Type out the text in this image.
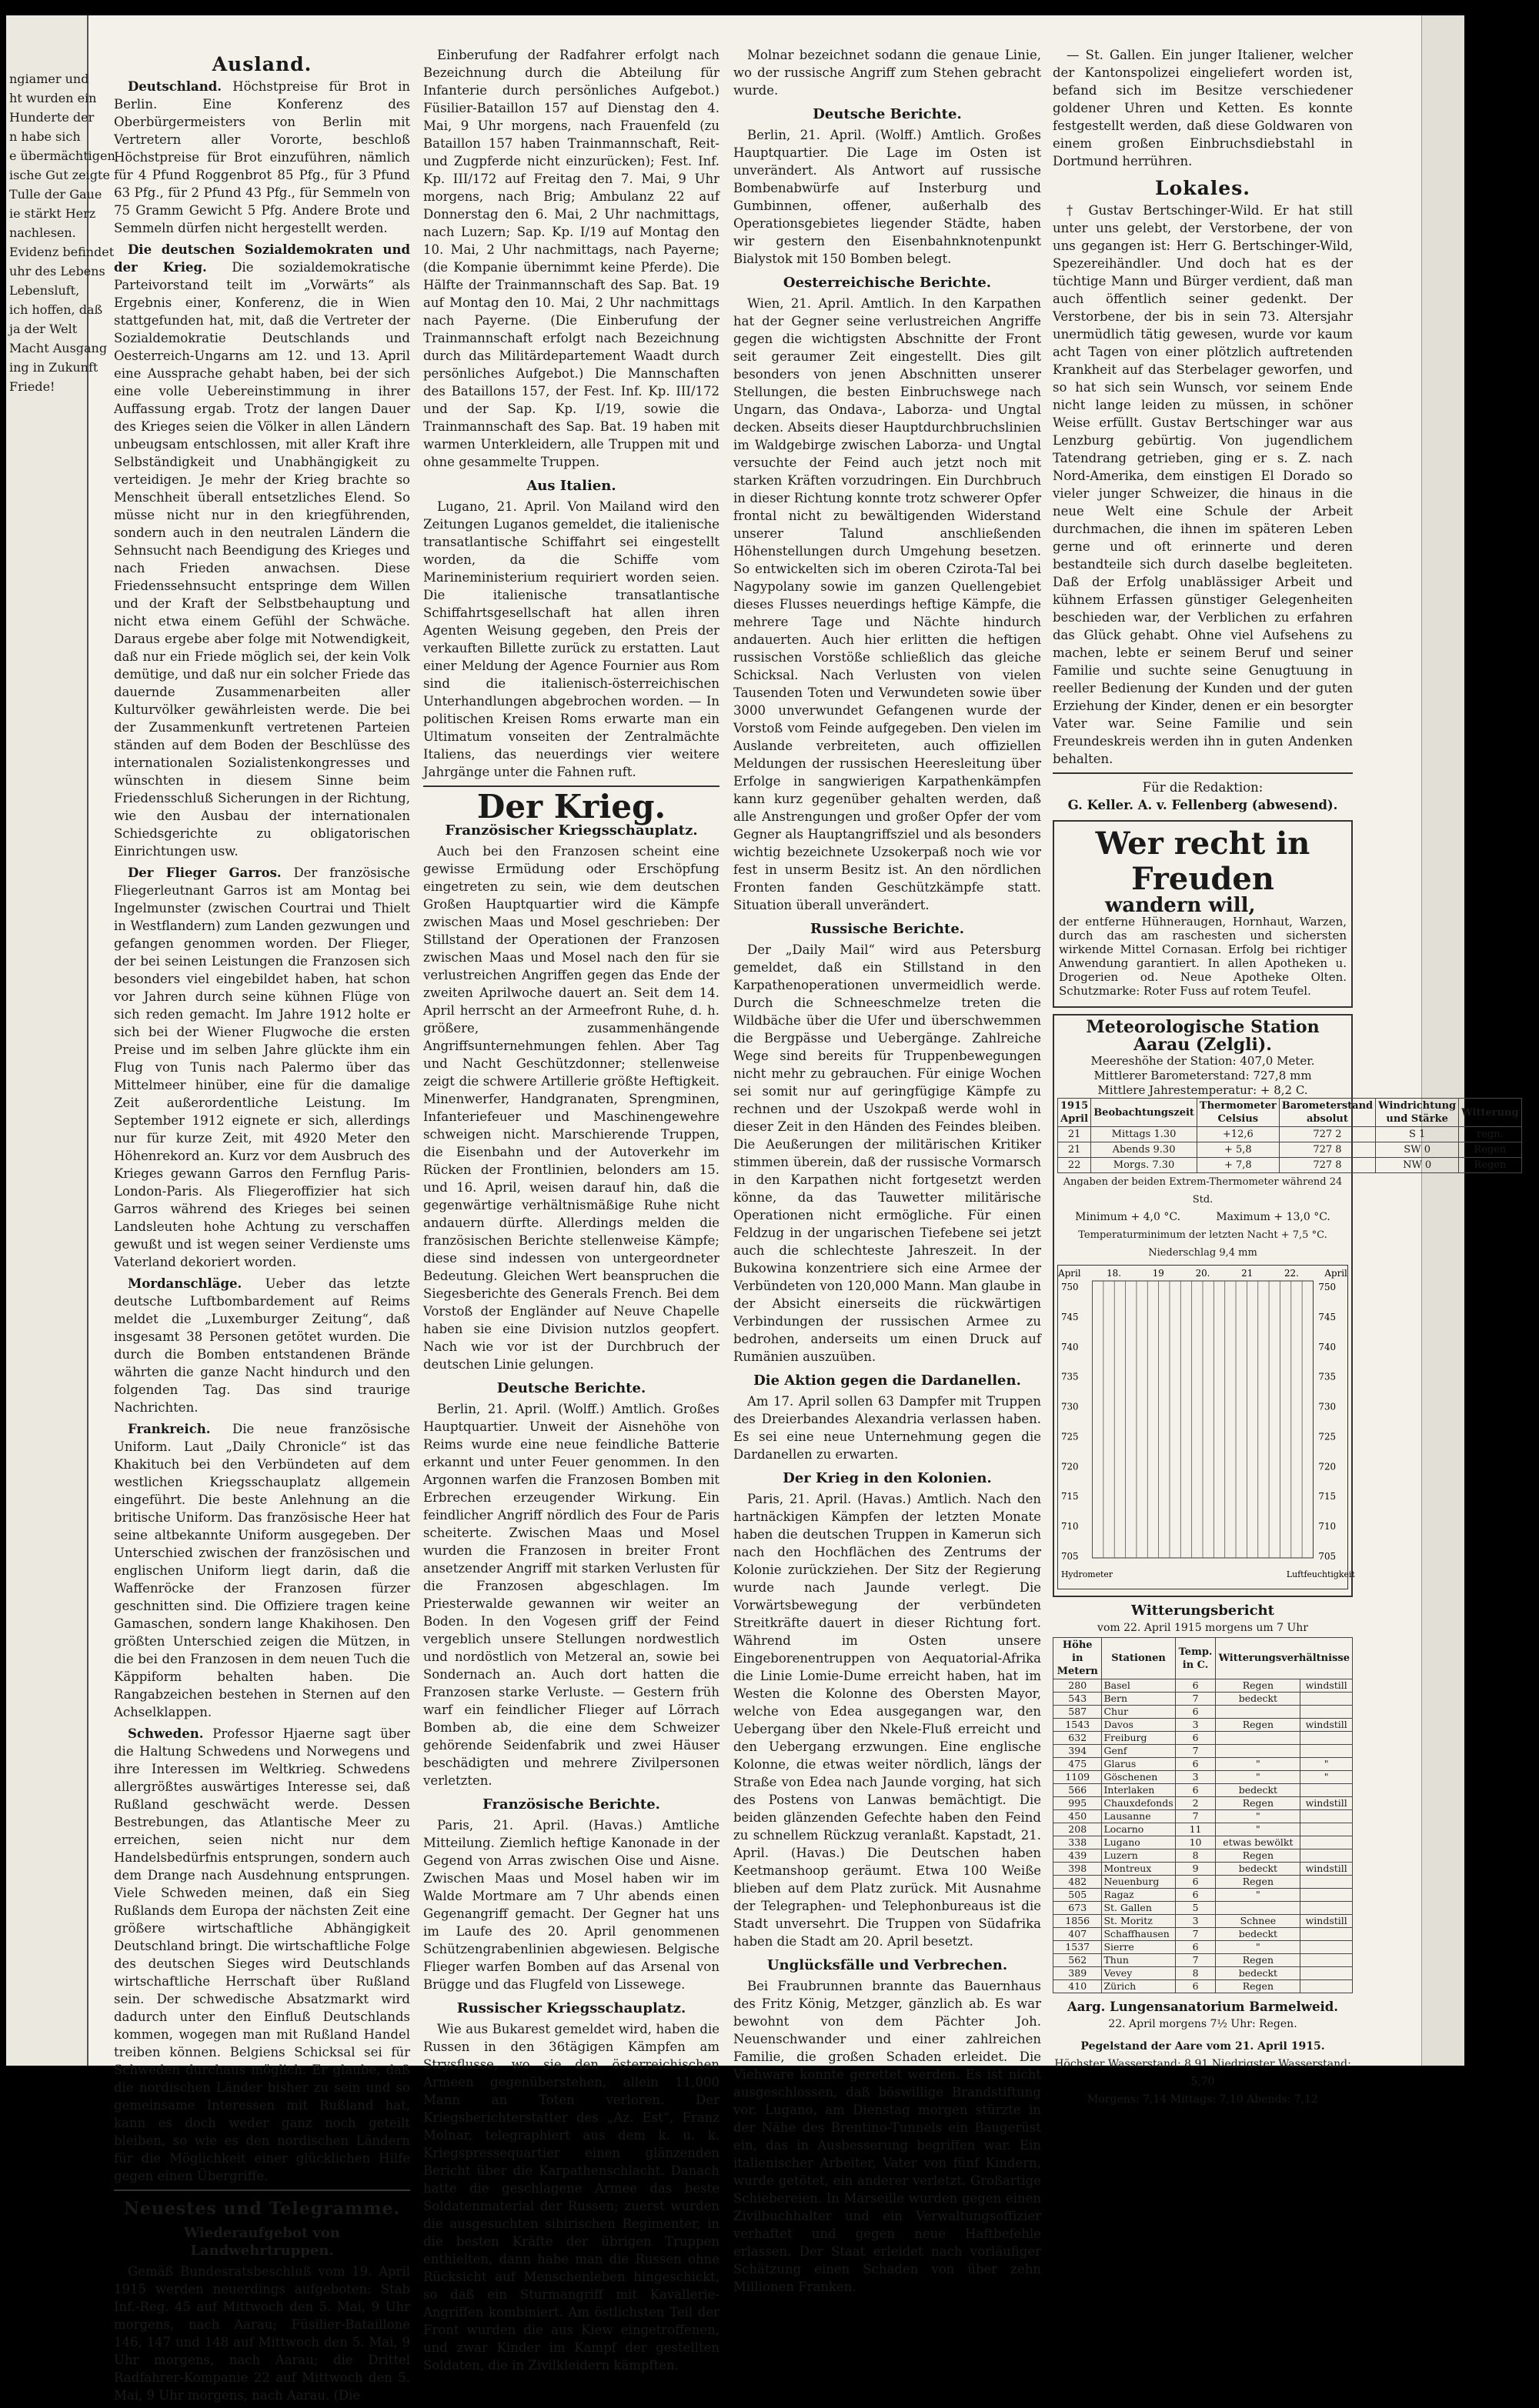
ngiamer und
ht wurden ein
Hunderte der
n habe sich
e übermächtigen
ische Gut zeigte
Tulle der Gaue
ie stärkt Herz
nachlesen.
Evidenz befindet
uhr des Lebens
Lebensluft,
ich hoffen, daß
ja der Welt
Macht Ausgang
ing in Zukunft
Friede!
Ausland.

Deutschland. Höchstpreise für Brot in Berlin. Eine Konferenz des Oberbürgermeisters von Berlin mit Vertretern aller Vororte, beschloß Höchstpreise für Brot einzuführen, nämlich für 4 Pfund Roggenbrot 85 Pfg., für 3 Pfund 63 Pfg., für 2 Pfund 43 Pfg., für Semmeln von 75 Gramm Gewicht 5 Pfg. Andere Brote und Semmeln dürfen nicht hergestellt werden.

Die deutschen Sozialdemokraten und der Krieg. Die sozialdemokratische Parteivorstand teilt im „Vorwärts“ als Ergebnis einer, Konferenz, die in Wien stattgefunden hat, mit, daß die Vertreter der Sozialdemokratie Deutschlands und Oesterreich-Ungarns am 12. und 13. April eine Aussprache gehabt haben, bei der sich eine volle Uebereinstimmung in ihrer Auffassung ergab. Trotz der langen Dauer des Krieges seien die Völker in allen Ländern unbeugsam entschlossen, mit aller Kraft ihre Selbständigkeit und Unabhängigkeit zu verteidigen. Je mehr der Krieg brachte so Menschheit überall entsetzliches Elend. So müsse nicht nur in den kriegführenden, sondern auch in den neutralen Ländern die Sehnsucht nach Beendigung des Krieges und nach Frieden anwachsen. Diese Friedenssehnsucht entspringe dem Willen und der Kraft der Selbstbehauptung und nicht etwa einem Gefühl der Schwäche. Daraus ergebe aber folge mit Notwendigkeit, daß nur ein Friede möglich sei, der kein Volk demütige, und daß nur ein solcher Friede das dauernde Zusammenarbeiten aller Kulturvölker gewährleisten werde. Die bei der Zusammenkunft vertretenen Parteien ständen auf dem Boden der Beschlüsse des internationalen Sozialistenkongresses und wünschten in diesem Sinne beim Friedensschluß Sicherungen in der Richtung, wie den Ausbau der internationalen Schiedsgerichte zu obligatorischen Einrichtungen usw.

Der Flieger Garros. Der französische Fliegerleutnant Garros ist am Montag bei Ingelmunster (zwischen Courtrai und Thielt in Westflandern) zum Landen gezwungen und gefangen genommen worden. Der Flieger, der bei seinen Leistungen die Franzosen sich besonders viel eingebildet haben, hat schon vor Jahren durch seine kühnen Flüge von sich reden gemacht. Im Jahre 1912 holte er sich bei der Wiener Flugwoche die ersten Preise und im selben Jahre glückte ihm ein Flug von Tunis nach Palermo über das Mittelmeer hinüber, eine für die damalige Zeit außerordentliche Leistung. Im September 1912 eignete er sich, allerdings nur für kurze Zeit, mit 4920 Meter den Höhenrekord an. Kurz vor dem Ausbruch des Krieges gewann Garros den Fernflug Paris-London-Paris. Als Fliegeroffizier hat sich Garros während des Krieges bei seinen Landsleuten hohe Achtung zu verschaffen gewußt und ist wegen seiner Verdienste ums Vaterland dekoriert worden.

Mordanschläge. Ueber das letzte deutsche Luftbombardement auf Reims meldet die „Luxemburger Zeitung“, daß insgesamt 38 Personen getötet wurden. Die durch die Bomben entstandenen Brände währten die ganze Nacht hindurch und den folgenden Tag. Das sind traurige Nachrichten.

Frankreich. Die neue französische Uniform. Laut „Daily Chronicle“ ist das Khakituch bei den Verbündeten auf dem westlichen Kriegsschauplatz allgemein eingeführt. Die beste Anlehnung an die britische Uniform. Das französische Heer hat seine altbekannte Uniform ausgegeben. Der Unterschied zwischen der französischen und englischen Uniform liegt darin, daß die Waffenröcke der Franzosen fürzer geschnitten sind. Die Offiziere tragen keine Gamaschen, sondern lange Khakihosen. Den größten Unterschied zeigen die Mützen, in die bei den Franzosen in dem neuen Tuch die Käppiform behalten haben. Die Rangabzeichen bestehen in Sternen auf den Achselklappen.

Schweden. Professor Hjaerne sagt über die Haltung Schwedens und Norwegens und ihre Interessen im Weltkrieg. Schwedens allergrößtes auswärtiges Interesse sei, daß Rußland geschwächt werde. Dessen Bestrebungen, das Atlantische Meer zu erreichen, seien nicht nur dem Handelsbedürfnis entsprungen, sondern auch dem Drange nach Ausdehnung entsprungen. Viele Schweden meinen, daß ein Sieg Rußlands dem Europa der nächsten Zeit eine größere wirtschaftliche Abhängigkeit Deutschland bringt. Die wirtschaftliche Folge des deutschen Sieges wird Deutschlands wirtschaftliche Herrschaft über Rußland sein. Der schwedische Absatzmarkt wird dadurch unter den Einfluß Deutschlands kommen, wogegen man mit Rußland Handel treiben können. Belgiens Schicksal sei für Schweden durchaus möglich. Er glaube, daß die nordischen Länder bisher zu sein und so gemeinsame Interessen mit Rußland hat, kann es doch weder ganz noch geteilt bleiben, so wie es den nordischen Ländern für die Möglichkeit einer glücklichen Hilfe gegen einen Übergriffe.

Neuestes und Telegramme.
Wiederaufgebot von Landwehrtruppen.

Gemäß Bundesratsbeschluß vom 19. April 1915 werden neuerdings aufgeboten: Stab Inf.-Reg. 45 auf Mittwoch den 5. Mai, 9 Uhr morgens, nach Aarau; Füsilier-Bataillone 146, 147 und 148 auf Mittwoch den 5. Mai, 9 Uhr morgens, nach Aarau; die Drittel Radfahrer-Kompanie 22 auf Mittwoch den 5. Mai, 9 Uhr morgens, nach Aarau. (Die

Einberufung der Radfahrer erfolgt nach Bezeichnung durch die Abteilung für Infanterie durch persönliches Aufgebot.) Füsilier-Bataillon 157 auf Dienstag den 4. Mai, 9 Uhr morgens, nach Frauenfeld (zu Bataillon 157 haben Trainmannschaft, Reit- und Zugpferde nicht einzurücken); Fest. Inf. Kp. III/172 auf Freitag den 7. Mai, 9 Uhr morgens, nach Brig; Ambulanz 22 auf Donnerstag den 6. Mai, 2 Uhr nachmittags, nach Luzern; Sap. Kp. I/19 auf Montag den 10. Mai, 2 Uhr nachmittags, nach Payerne; (die Kompanie übernimmt keine Pferde). Die Hälfte der Trainmannschaft des Sap. Bat. 19 auf Montag den 10. Mai, 2 Uhr nachmittags nach Payerne. (Die Einberufung der Trainmannschaft erfolgt nach Bezeichnung durch das Militärdepartement Waadt durch persönliches Aufgebot.) Die Mannschaften des Bataillons 157, der Fest. Inf. Kp. III/172 und der Sap. Kp. I/19, sowie die Trainmannschaft des Sap. Bat. 19 haben mit warmen Unterkleidern, alle Truppen mit und ohne gesammelte Truppen.

Aus Italien.

Lugano, 21. April. Von Mailand wird den Zeitungen Luganos gemeldet, die italienische transatlantische Schiffahrt sei eingestellt worden, da die Schiffe vom Marineministerium requiriert worden seien. Die italienische transatlantische Schiffahrtsgesellschaft hat allen ihren Agenten Weisung gegeben, den Preis der verkauften Billette zurück zu erstatten. Laut einer Meldung der Agence Fournier aus Rom sind die italienisch-österreichischen Unterhandlungen abgebrochen worden. — In politischen Kreisen Roms erwarte man ein Ultimatum vonseiten der Zentralmächte Italiens, das neuerdings vier weitere Jahrgänge unter die Fahnen ruft.

Der Krieg.
Französischer Kriegsschauplatz.

Auch bei den Franzosen scheint eine gewisse Ermüdung oder Erschöpfung eingetreten zu sein, wie dem deutschen Großen Hauptquartier wird die Kämpfe zwischen Maas und Mosel geschrieben: Der Stillstand der Operationen der Franzosen zwischen Maas und Mosel nach den für sie verlustreichen Angriffen gegen das Ende der zweiten Aprilwoche dauert an. Seit dem 14. April herrscht an der Armeefront Ruhe, d. h. größere, zusammenhängende Angriffsunternehmungen fehlen. Aber Tag und Nacht Geschützdonner; stellenweise zeigt die schwere Artillerie größte Heftigkeit. Minenwerfer, Handgranaten, Sprengminen, Infanteriefeuer und Maschinengewehre schweigen nicht. Marschierende Truppen, die Eisenbahn und der Autoverkehr im Rücken der Frontlinien, belonders am 15. und 16. April, weisen darauf hin, daß die gegenwärtige verhältnismäßige Ruhe nicht andauern dürfte. Allerdings melden die französischen Berichte stellenweise Kämpfe; diese sind indessen von untergeordneter Bedeutung. Gleichen Wert beanspruchen die Siegesberichte des Generals French. Bei dem Vorstoß der Engländer auf Neuve Chapelle haben sie eine Division nutzlos geopfert. Nach wie vor ist der Durchbruch der deutschen Linie gelungen.

Deutsche Berichte.

Berlin, 21. April. (Wolff.) Amtlich. Großes Hauptquartier. Unweit der Aisnehöhe von Reims wurde eine neue feindliche Batterie erkannt und unter Feuer genommen. In den Argonnen warfen die Franzosen Bomben mit Erbrechen erzeugender Wirkung. Ein feindlicher Angriff nördlich des Four de Paris scheiterte. Zwischen Maas und Mosel wurden die Franzosen in breiter Front ansetzender Angriff mit starken Verlusten für die Franzosen abgeschlagen. Im Priesterwalde gewannen wir weiter an Boden. In den Vogesen griff der Feind vergeblich unsere Stellungen nordwestlich und nordöstlich von Metzeral an, sowie bei Sondernach an. Auch dort hatten die Franzosen starke Verluste. — Gestern früh warf ein feindlicher Flieger auf Lörrach Bomben ab, die eine dem Schweizer gehörende Seidenfabrik und zwei Häuser beschädigten und mehrere Zivilpersonen verletzten.

Französische Berichte.

Paris, 21. April. (Havas.) Amtliche Mitteilung. Ziemlich heftige Kanonade in der Gegend von Arras zwischen Oise und Aisne. Zwischen Maas und Mosel haben wir im Walde Mortmare am 7 Uhr abends einen Gegenangriff gemacht. Der Gegner hat uns im Laufe des 20. April genommenen Schützengrabenlinien abgewiesen. Belgische Flieger warfen Bomben auf das Arsenal von Brügge und das Flugfeld von Lissewege.

Russischer Kriegsschauplatz.

Wie aus Bukarest gemeldet wird, haben die Russen in den 36tägigen Kämpfen am Strysflusse, wo sie den österreichischen Armeen gegenüberstehen, allein 11,000 Mann an Toten verloren. Der Kriegsberichterstatter des „Az. Est“, Franz Molnar, telegraphiert aus dem k. u. k. Kriegspressequartier einen glänzenden Bericht über die Karpathenschlacht. Danach hatte die geschlagene Armee das beste Soldatenmaterial der Russen; zuerst wurden die ausgesuchten sibirischen Regimenter, in die besten Kräfte der übrigen Truppen enthielten, dann habe man die Russen ohne Rücksicht auf Menschenleben hingeschickt, so daß ein Sturmangriff mit Kavallerie-Angriffen kombiniert. Am östlichsten Teil der Front wurden die aus Kiew eingetroffenen, und zwar Kinder im Kampf der gestellten Soldaten, die in Zivilkleidern kämpften.

Molnar bezeichnet sodann die genaue Linie, wo der russische Angriff zum Stehen gebracht wurde.

Deutsche Berichte.

Berlin, 21. April. (Wolff.) Amtlich. Großes Hauptquartier. Die Lage im Osten ist unverändert. Als Antwort auf russische Bombenabwürfe auf Insterburg und Gumbinnen, offener, außerhalb des Operationsgebietes liegender Städte, haben wir gestern den Eisenbahnknotenpunkt Bialystok mit 150 Bomben belegt.

Oesterreichische Berichte.

Wien, 21. April. Amtlich. In den Karpathen hat der Gegner seine verlustreichen Angriffe gegen die wichtigsten Abschnitte der Front seit geraumer Zeit eingestellt. Dies gilt besonders von jenen Abschnitten unserer Stellungen, die besten Einbruchswege nach Ungarn, das Ondava-, Laborza- und Ungtal decken. Abseits dieser Hauptdurchbruchslinien im Waldgebirge zwischen Laborza- und Ungtal versuchte der Feind auch jetzt noch mit starken Kräften vorzudringen. Ein Durchbruch in dieser Richtung konnte trotz schwerer Opfer frontal nicht zu bewältigenden Widerstand unserer Talund anschließenden Höhenstellungen durch Umgehung besetzen. So entwickelten sich im oberen Czirota-Tal bei Nagypolany sowie im ganzen Quellengebiet dieses Flusses neuerdings heftige Kämpfe, die mehrere Tage und Nächte hindurch andauerten. Auch hier erlitten die heftigen russischen Vorstöße schließlich das gleiche Schicksal. Nach Verlusten von vielen Tausenden Toten und Verwundeten sowie über 3000 unverwundet Gefangenen wurde der Vorstoß vom Feinde aufgegeben. Den vielen im Auslande verbreiteten, auch offiziellen Meldungen der russischen Heeresleitung über Erfolge in sangwierigen Karpathenkämpfen kann kurz gegenüber gehalten werden, daß alle Anstrengungen und großer Opfer der vom Gegner als Hauptangriffsziel und als besonders wichtig bezeichnete Uzsokerpaß noch wie vor fest in unserm Besitz ist. An den nördlichen Fronten fanden Geschützkämpfe statt. Situation überall unverändert.

Russische Berichte.

Der „Daily Mail“ wird aus Petersburg gemeldet, daß ein Stillstand in den Karpathenoperationen unvermeidlich werde. Durch die Schneeschmelze treten die Wildbäche über die Ufer und überschwemmen die Bergpässe und Uebergänge. Zahlreiche Wege sind bereits für Truppenbewegungen nicht mehr zu gebrauchen. Für einige Wochen sei somit nur auf geringfügige Kämpfe zu rechnen und der Uszokpaß werde wohl in dieser Zeit in den Händen des Feindes bleiben. Die Aeußerungen der militärischen Kritiker stimmen überein, daß der russische Vormarsch in den Karpathen nicht fortgesetzt werden könne, da das Tauwetter militärische Operationen nicht ermögliche. Für einen Feldzug in der ungarischen Tiefebene sei jetzt auch die schlechteste Jahreszeit. In der Bukowina konzentriere sich eine Armee der Verbündeten von 120,000 Mann. Man glaube in der Absicht einerseits die rückwärtigen Verbindungen der russischen Armee zu bedrohen, anderseits um einen Druck auf Rumänien auszuüben.

Die Aktion gegen die Dardanellen.

Am 17. April sollen 63 Dampfer mit Truppen des Dreierbandes Alexandria verlassen haben. Es sei eine neue Unternehmung gegen die Dardanellen zu erwarten.

Der Krieg in den Kolonien.

Paris, 21. April. (Havas.) Amtlich. Nach den hartnäckigen Kämpfen der letzten Monate haben die deutschen Truppen in Kamerun sich nach den Hochflächen des Zentrums der Kolonie zurückziehen. Der Sitz der Regierung wurde nach Jaunde verlegt. Die Vorwärtsbewegung der verbündeten Streitkräfte dauert in dieser Richtung fort. Während im Osten unsere Eingeborenentruppen von Aequatorial-Afrika die Linie Lomie-Dume erreicht haben, hat im Westen die Kolonne des Obersten Mayor, welche von Edea ausgegangen war, den Uebergang über den Nkele-Fluß erreicht und den Uebergang erzwungen. Eine englische Kolonne, die etwas weiter nördlich, längs der Straße von Edea nach Jaunde vorging, hat sich des Postens von Lanwas bemächtigt. Die beiden glänzenden Gefechte haben den Feind zu schnellem Rückzug veranlaßt. Kapstadt, 21. April. (Havas.) Die Deutschen haben Keetmanshoop geräumt. Etwa 100 Weiße blieben auf dem Platz zurück. Mit Ausnahme der Telegraphen- und Telephonbureaus ist die Stadt unversehrt. Die Truppen von Südafrika haben die Stadt am 20. April besetzt.

Unglücksfälle und Verbrechen.

Bei Fraubrunnen brannte das Bauernhaus des Fritz König, Metzger, gänzlich ab. Es war bewohnt von dem Pächter Joh. Neuenschwander und einer zahlreichen Familie, die großen Schaden erleidet. Die Viehware konnte gerettet werden. Es ist nicht ausgeschlossen, daß böswillige Brandstiftung vor. Lugano, am Dienstag morgen stürzte in der Nähe des Brentino-Tunnels ein Baugerüst ein, das in Ausbesserung begriffen war. Ein italienischer Arbeiter, Vater von fünf Kindern, wurde getötet, ein anderer verletzt. Großartige Schiebereien. In Marseille wurden gegen einen Zivilbuchhalter und ein Verwaltungsoffizier verhaftet und gegen neue Haftbefehle erlassen. Der Staat erleidet nach vorläufiger Schätzung einen Schaden von über zehn Millionen Franken.

— St. Gallen. Ein junger Italiener, welcher der Kantonspolizei eingeliefert worden ist, befand sich im Besitze verschiedener goldener Uhren und Ketten. Es konnte festgestellt werden, daß diese Goldwaren von einem großen Einbruchsdiebstahl in Dortmund herrühren.

Lokales.

† Gustav Bertschinger-Wild. Er hat still unter uns gelebt, der Verstorbene, der von uns gegangen ist: Herr G. Bertschinger-Wild, Spezereihändler. Und doch hat es der tüchtige Mann und Bürger verdient, daß man auch öffentlich seiner gedenkt. Der Verstorbene, der bis in sein 73. Altersjahr unermüdlich tätig gewesen, wurde vor kaum acht Tagen von einer plötzlich auftretenden Krankheit auf das Sterbelager geworfen, und so hat sich sein Wunsch, vor seinem Ende nicht lange leiden zu müssen, in schöner Weise erfüllt. Gustav Bertschinger war aus Lenzburg gebürtig. Von jugendlichem Tatendrang getrieben, ging er s. Z. nach Nord-Amerika, dem einstigen El Dorado so vieler junger Schweizer, die hinaus in die neue Welt eine Schule der Arbeit durchmachen, die ihnen im späteren Leben gerne und oft erinnerte und deren bestandteile sich durch daselbe begleiteten. Daß der Erfolg unablässiger Arbeit und kühnem Erfassen günstiger Gelegenheiten beschieden war, der Verblichen zu erfahren das Glück gehabt. Ohne viel Aufsehens zu machen, lebte er seinem Beruf und seiner Familie und suchte seine Genugtuung in reeller Bedienung der Kunden und der guten Erziehung der Kinder, denen er ein besorgter Vater war. Seine Familie und sein Freundeskreis werden ihn in guten Andenken behalten.

Für die Redaktion:
G. Keller. A. v. Fellenberg (abwesend).
Wer recht in Freuden
wandern will,

der entferne Hühneraugen, Hornhaut, Warzen, durch das am raschesten und sichersten wirkende Mittel Cornasan. Erfolg bei richtiger Anwendung garantiert. In allen Apotheken u. Drogerien od. Neue Apotheke Olten. Schutzmarke: Roter Fuss auf rotem Teufel.

Meteorologische Station Aarau (Zelgli).
Meereshöhe der Station: 407,0 Meter.
Mittlerer Barometerstand: 727,8 mm
Mittlere Jahrestemperatur: + 8,2 C.
1915 April	Beobachtungszeit	Thermometer Celsius	Barometerstand absolut	Windrichtung und Stärke	Witterung
21	Mittags 1.30	+12,6	727 2	S 1	regn.
21	Abends 9.30	+ 5,8	727 8	SW 0	Regen
22	Morgs. 7.30	+ 7,8	727 8	NW 0	Regen
Angaben der beiden Extrem-Thermometer während 24 Std.
Minimum + 4,0 °C.	Maximum + 13,0 °C.
Temperaturminimum der letzten Nacht + 7,5 °C.
Niederschlag 9,4 mm
April	18.	19	20.	21	22.	April
750	750
745	745
740	740
735	735
730	730
725	725
720	720
715	715
710	710
705	705
Hydrometer	Luftfeuchtigkeit
Witterungsbericht
vom 22. April 1915 morgens um 7 Uhr
Höhe in Metern	Stationen	Temp. in C.	Witterungsverhältnisse	
280	Basel	6	Regen	windstill
543	Bern	7	bedeckt	
587	Chur	6		
1543	Davos	3	Regen	windstill
632	Freiburg	6		
394	Genf	7		
475	Glarus	6	"	"
1109	Göschenen	3	"	"
566	Interlaken	6	bedeckt	
995	Chauxdefonds	2	Regen	windstill
450	Lausanne	7	"	
208	Locarno	11	"	
338	Lugano	10	etwas bewölkt	
439	Luzern	8	Regen	
398	Montreux	9	bedeckt	windstill
482	Neuenburg	6	Regen	
505	Ragaz	6	"	
673	St. Gallen	5		
1856	St. Moritz	3	Schnee	windstill
407	Schaffhausen	7	bedeckt	
1537	Sierre	6	"	
562	Thun	7	Regen	
389	Vevey	8	bedeckt	
410	Zürich	6	Regen	
Aarg. Lungensanatorium Barmelweid.
22. April morgens 7½ Uhr: Regen.
Pegelstand der Aare vom 21. April 1915.
Höchster Wasserstand: 8,91 Niedrigster Wasserstand: 5,70
Morgens: 7,14 Mittags: 7,10 Abends: 7,12
